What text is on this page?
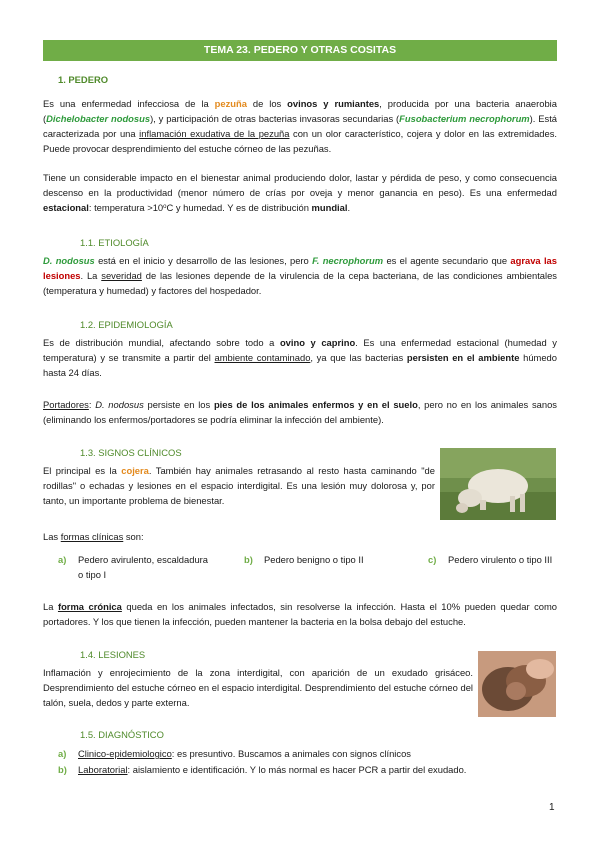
TEMA 23. PEDERO Y OTRAS COSITAS
1. PEDERO

Es una enfermedad infecciosa de la pezuña de los ovinos y rumiantes, producida por una bacteria anaerobia (Dichelobacter nodosus), y participación de otras bacterias invasoras secundarias (Fusobacterium necrophorum). Está caracterizada por una inflamación exudativa de la pezuña con un olor característico, cojera y dolor en las extremidades. Puede provocar desprendimiento del estuche córneo de las pezuñas.

Tiene un considerable impacto en el bienestar animal produciendo dolor, lastar y pérdida de peso, y como consecuencia descenso en la productividad (menor número de crías por oveja y menor ganancia en peso). Es una enfermedad estacional: temperatura $>10^oC$ y humedad. Y es de distribución mundial.

1.1. ETIOLOGÍA

D. nodosus está en el inicio y desarrollo de las lesiones, pero F. necrophorum es el agente secundario que agrava las lesiones. La severidad de las lesiones depende de la virulencia de la cepa bacteriana, de las condiciones ambientales (temperatura y humedad) y factores del hospedador.

1.2. EPIDEMIOLOGÍA

Es de distribución mundial, afectando sobre todo a ovino y caprino. Es una enfermedad estacional (humedad y temperatura) y se transmite a partir del ambiente contaminado, ya que las bacterias persisten en el ambiente húmedo hasta 24 días.

Portadores: D. nodosus persiste en los pies de los animales enfermos y en el suelo, pero no en los animales sanos (eliminando los enfermos/portadores se podría eliminar la infección del ambiente).

1.3. SIGNOS CLÍNICOS

El principal es la cojera. También hay animales retrasando al resto hasta caminando "de rodillas" o echadas y lesiones en el espacio interdigital. Es una lesión muy dolorosa y, por tanto, un importante problema de bienestar.

Las formas clínicas son:
a) Pedero avirulento, escaldadura o tipo I
b) Pedero benigno o tipo II	c) Pedero virulento o tipo III

La forma crónica queda en los animales infectados, sin resolverse la infección. Hasta el 10% pueden quedar como portadores. Y los que tienen la infección, pueden mantener la bacteria en la bolsa debajo del estuche.

1.4. LESIONES

Inflamación y enrojecimiento de la zona interdigital, con aparición de un exudado grisáceo. Desprendimiento del estuche córneo en el espacio interdigital. Desprendimiento del estuche córneo del talón, suela, dedos y parte externa.

1.5. DIAGNÓSTICO
a) Clinico-epidemiologico: es presuntivo. Buscamos a animales con signos clínicos
b) Laboratorial: aislamiento e identificación. Y lo más normal es hacer PCR a partir del exudado.
1
